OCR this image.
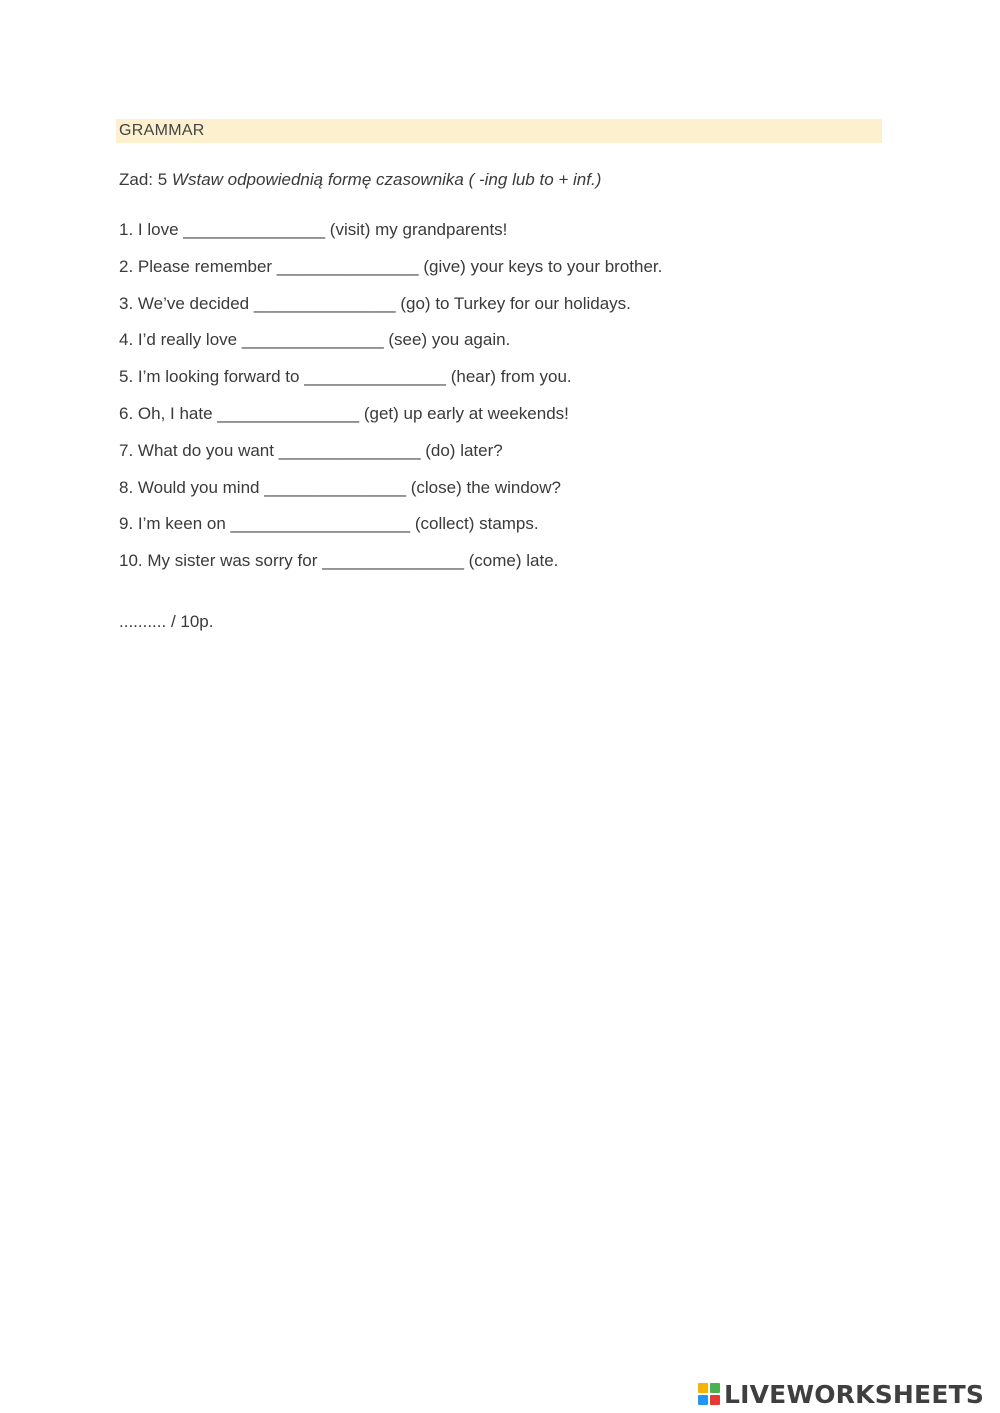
GRAMMAR
Zad: 5 Wstaw odpowiednią formę czasownika ( -ing lub to + inf.)
1. I love _______________ (visit) my grandparents!
2. Please remember _______________ (give) your keys to your brother.
3. We’ve decided _______________ (go) to Turkey for our holidays.
4. I’d really love _______________ (see) you again.
5. I’m looking forward to _______________ (hear) from you.
6. Oh, I hate _______________ (get) up early at weekends!
7. What do you want _______________ (do) later?
8. Would you mind _______________ (close) the window?
9. I’m keen on ___________________ (collect) stamps.
10. My sister was sorry for _______________ (come) late.
.......... / 10p.
LIVEWORKSHEETS
